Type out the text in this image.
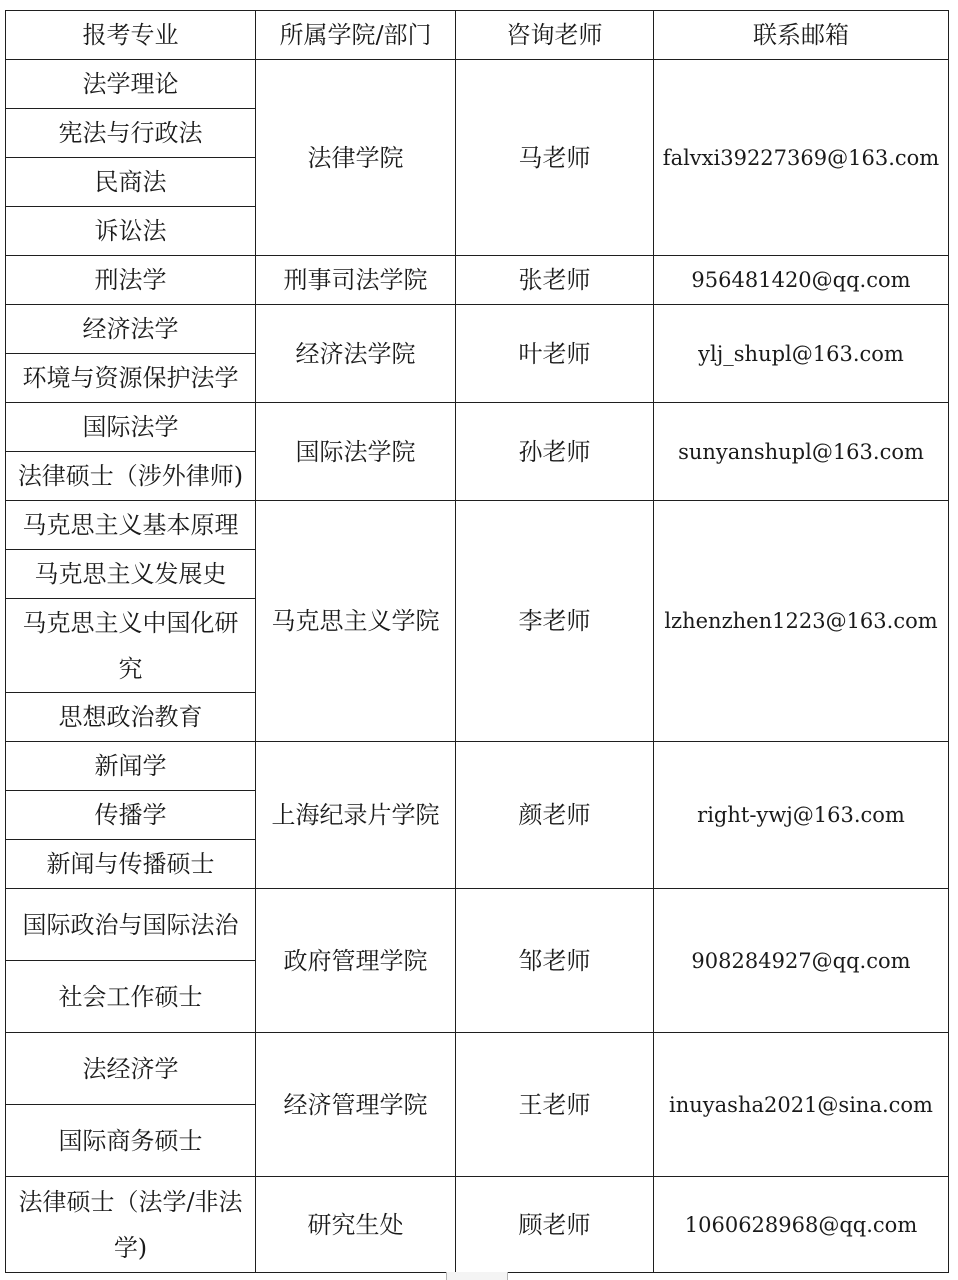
报考专业	所属学院/部门	咨询老师	联系邮箱
法学理论	法律学院	马老师	falvxi39227369@163.com
宪法与行政法			
民商法			
诉讼法			
刑法学	刑事司法学院	张老师	956481420@qq.com
经济法学	经济法学院	叶老师	ylj_shupl@163.com
环境与资源保护法学			
国际法学	国际法学院	孙老师	sunyanshupl@163.com
法律硕士（涉外律师)			
马克思主义基本原理	马克思主义学院	李老师	lzhenzhen1223@163.com
马克思主义发展史			
马克思主义中国化研究			
思想政治教育			
新闻学	上海纪录片学院	颜老师	right-ywj@163.com
传播学			
新闻与传播硕士			
国际政治与国际法治	政府管理学院	邹老师	908284927@qq.com
社会工作硕士			
法经济学	经济管理学院	王老师	inuyasha2021@sina.com
国际商务硕士			
法律硕士（法学/非法学)	研究生处	顾老师	1060628968@qq.com
